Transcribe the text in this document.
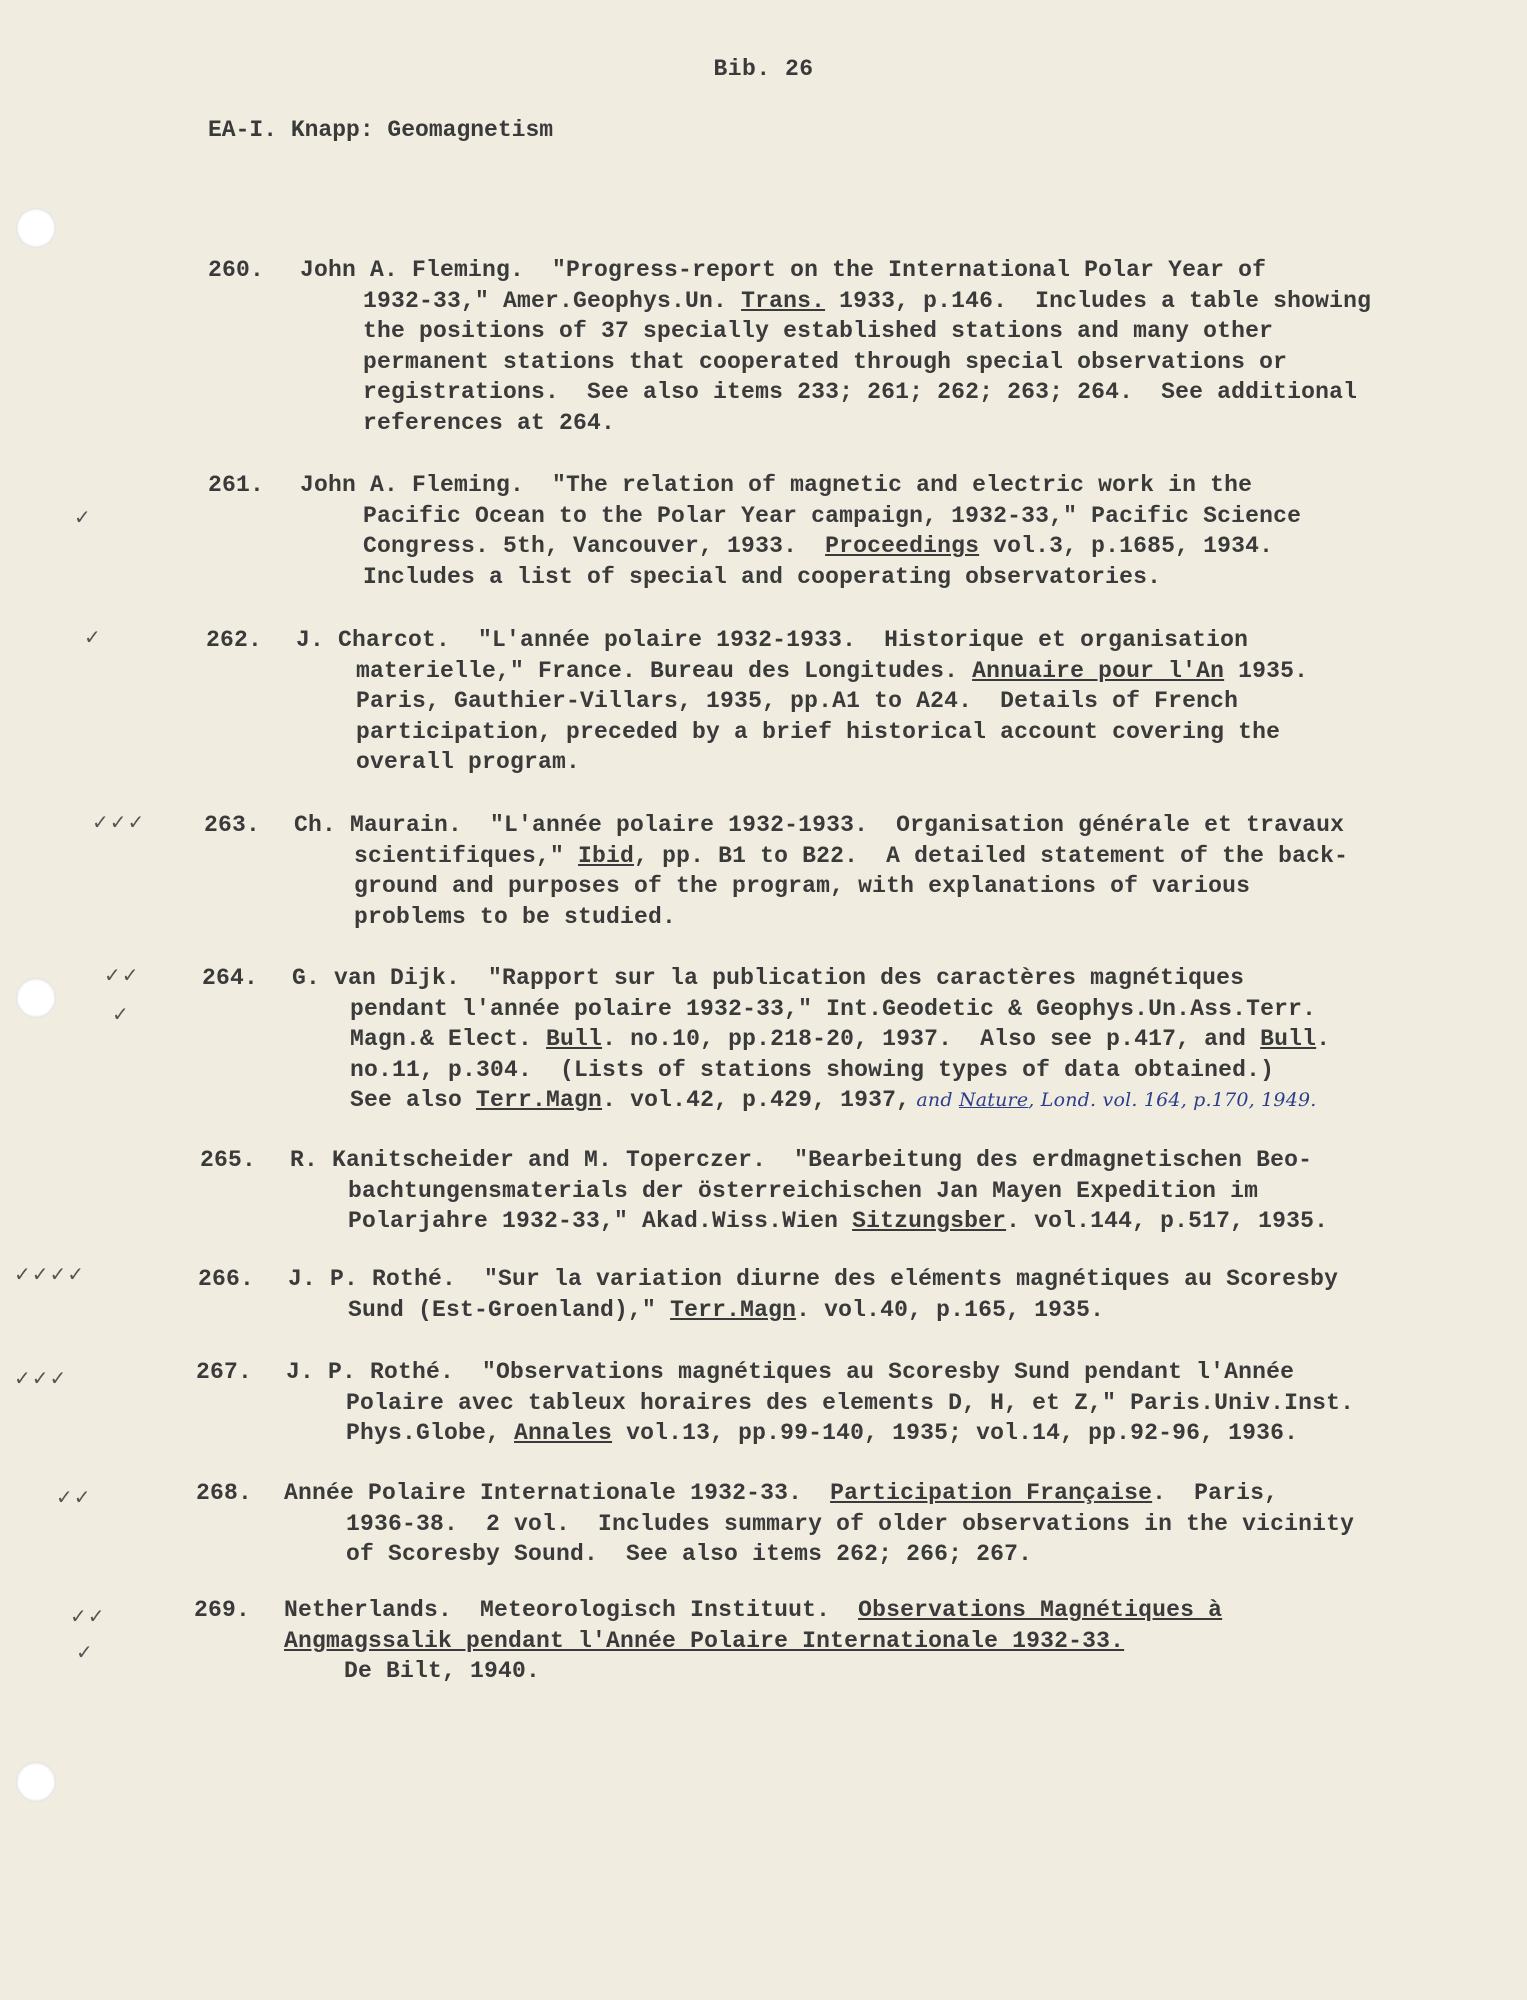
Bib. 26
EA-I. Knapp: Geomagnetism
✓
✓
✓✓✓
✓✓
✓
✓✓✓✓
✓✓✓
✓✓
✓✓
✓
260. John A. Fleming.  "Progress-report on the International Polar Year of
1932-33," Amer.Geophys.Un. Trans. 1933, p.146.  Includes a table showing
the positions of 37 specially established stations and many other
permanent stations that cooperated through special observations or
registrations.  See also items 233; 261; 262; 263; 264.  See additional
references at 264.
261. John A. Fleming.  "The relation of magnetic and electric work in the
Pacific Ocean to the Polar Year campaign, 1932-33," Pacific Science
Congress. 5th, Vancouver, 1933.  Proceedings vol.3, p.1685, 1934.
Includes a list of special and cooperating observatories.
262. J. Charcot.  "L'année polaire 1932-1933.  Historique et organisation
materielle," France. Bureau des Longitudes. Annuaire pour l'An 1935.
Paris, Gauthier-Villars, 1935, pp.A1 to A24.  Details of French
participation, preceded by a brief historical account covering the
overall program.
263. Ch. Maurain.  "L'année polaire 1932-1933.  Organisation générale et travaux
scientifiques," Ibid, pp. B1 to B22.  A detailed statement of the back-
ground and purposes of the program, with explanations of various
problems to be studied.
264. G. van Dijk.  "Rapport sur la publication des caractères magnétiques
pendant l'année polaire 1932-33," Int.Geodetic & Geophys.Un.Ass.Terr.
Magn.& Elect. Bull. no.10, pp.218-20, 1937.  Also see p.417, and Bull.
no.11, p.304.  (Lists of stations showing types of data obtained.)
See also Terr.Magn. vol.42, p.429, 1937, and Nature, Lond. vol. 164, p.170, 1949.
265. R. Kanitscheider and M. Toperczer.  "Bearbeitung des erdmagnetischen Beo-
bachtungensmaterials der österreichischen Jan Mayen Expedition im
Polarjahre 1932-33," Akad.Wiss.Wien Sitzungsber. vol.144, p.517, 1935.
266. J. P. Rothé.  "Sur la variation diurne des eléments magnétiques au Scoresby
Sund (Est-Groenland)," Terr.Magn. vol.40, p.165, 1935.
267. J. P. Rothé.  "Observations magnétiques au Scoresby Sund pendant l'Année
Polaire avec tableux horaires des elements D, H, et Z," Paris.Univ.Inst.
Phys.Globe, Annales vol.13, pp.99-140, 1935; vol.14, pp.92-96, 1936.
268. Année Polaire Internationale 1932-33.  Participation Française.  Paris,
1936-38.  2 vol.  Includes summary of older observations in the vicinity
of Scoresby Sound.  See also items 262; 266; 267.
269. Netherlands.  Meteorologisch Instituut.  Observations Magnétiques à
Angmagssalik pendant l'Année Polaire Internationale 1932-33.
De Bilt, 1940.
